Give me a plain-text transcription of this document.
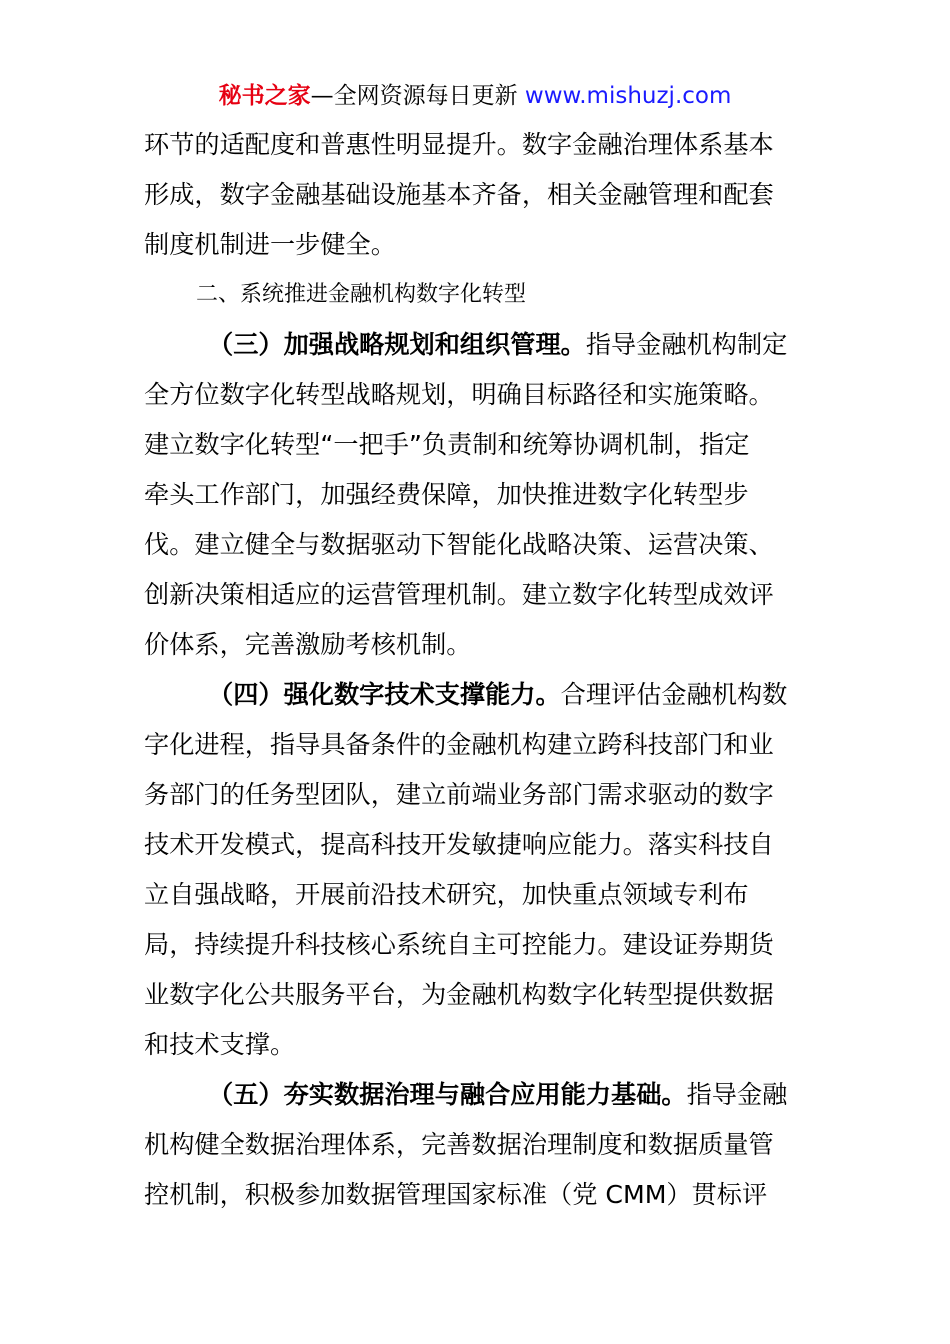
秘书之家—全网资源每日更新 www.mishuzj.com
环节的适配度和普惠性明显提升。数字金融治理体系基本
形成，数字金融基础设施基本齐备，相关金融管理和配套
制度机制进一步健全。
二、系统推进金融机构数字化转型
（三）加强战略规划和组织管理。指导金融机构制定
全方位数字化转型战略规划，明确目标路径和实施策略。
建立数字化转型“一把手”负责制和统筹协调机制，指定
牵头工作部门，加强经费保障，加快推进数字化转型步
伐。建立健全与数据驱动下智能化战略决策、运营决策、
创新决策相适应的运营管理机制。建立数字化转型成效评
价体系，完善激励考核机制。
（四）强化数字技术支撑能力。合理评估金融机构数
字化进程，指导具备条件的金融机构建立跨科技部门和业
务部门的任务型团队，建立前端业务部门需求驱动的数字
技术开发模式，提高科技开发敏捷响应能力。落实科技自
立自强战略，开展前沿技术研究，加快重点领域专利布
局，持续提升科技核心系统自主可控能力。建设证券期货
业数字化公共服务平台，为金融机构数字化转型提供数据
和技术支撑。
（五）夯实数据治理与融合应用能力基础。指导金融
机构健全数据治理体系，完善数据治理制度和数据质量管
控机制，积极参加数据管理国家标准（党 CMM）贯标评
